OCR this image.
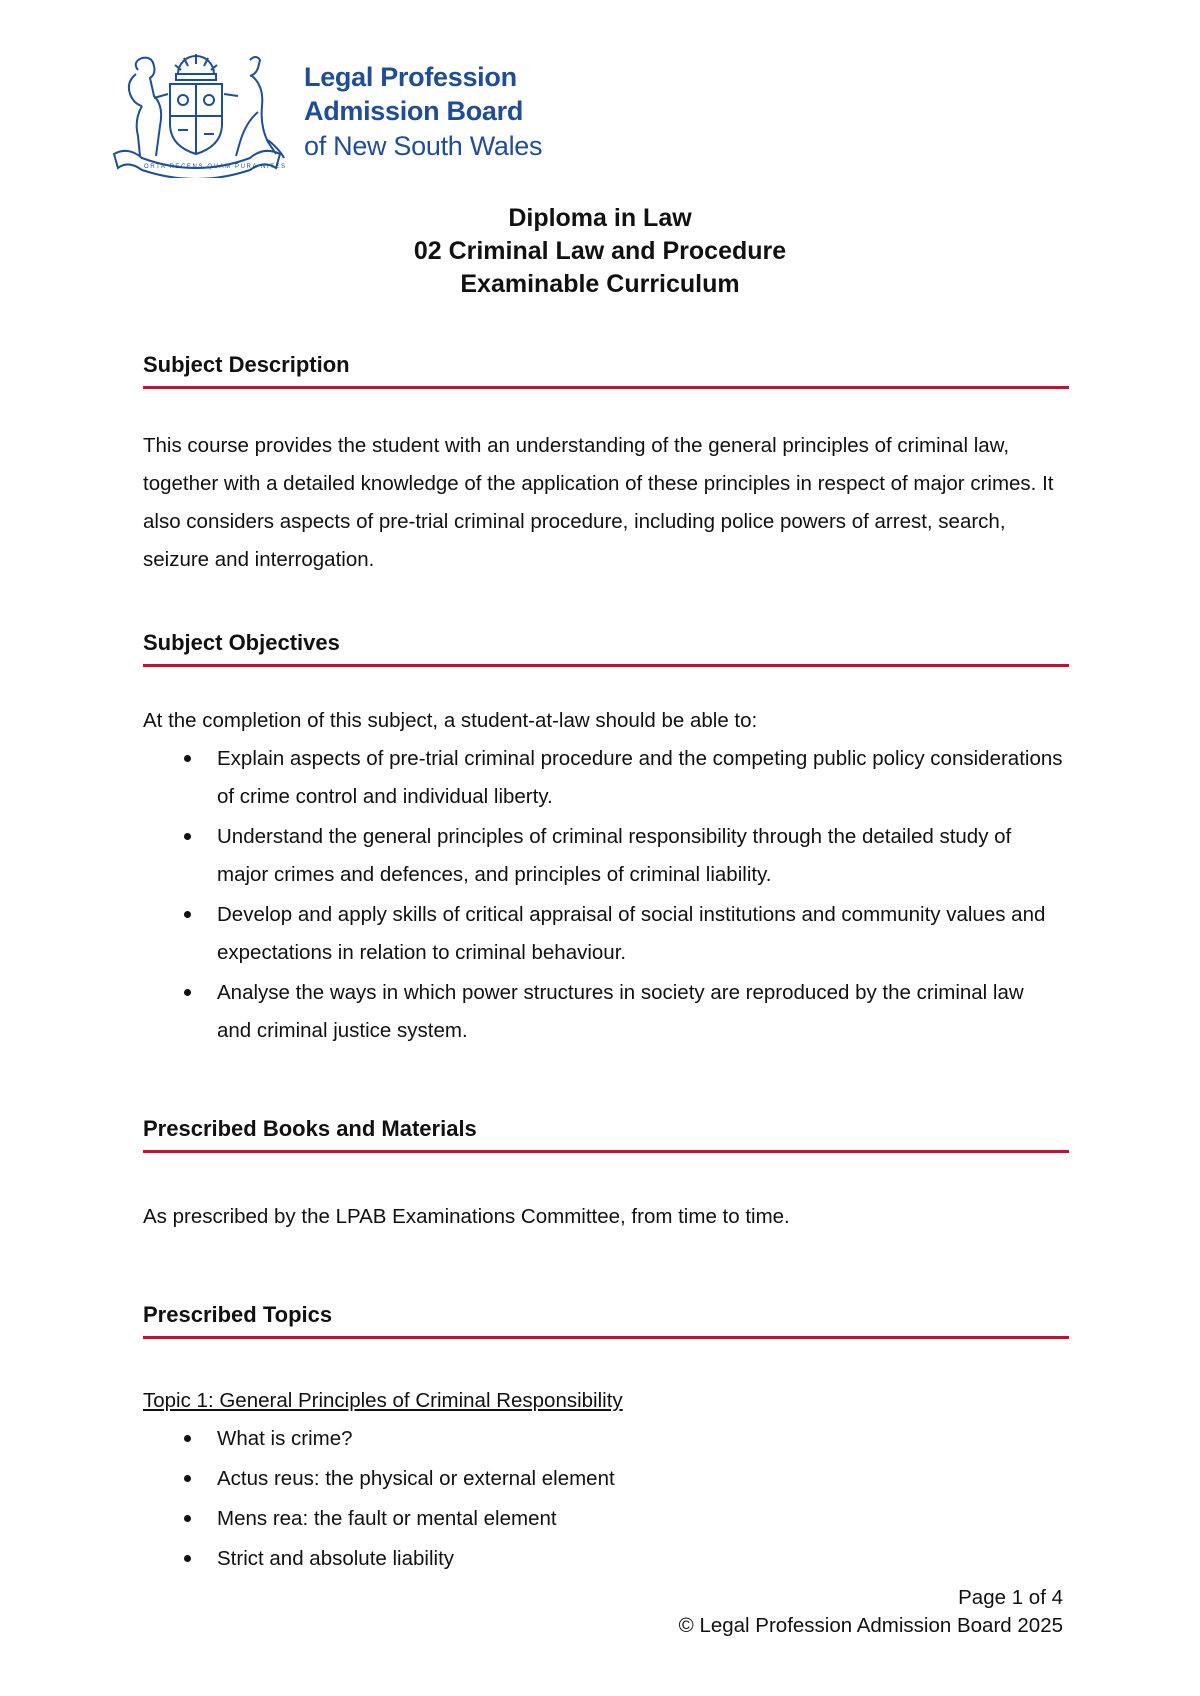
ORTA RECENS QUAM PURA NITES
Legal Profession
Admission Board
of New South Wales
Diploma in Law
02 Criminal Law and Procedure
Examinable Curriculum
Subject Description
This course provides the student with an understanding of the general principles of criminal law, together with a detailed knowledge of the application of these principles in respect of major crimes. It also considers aspects of pre-trial criminal procedure, including police powers of arrest, search, seizure and interrogation.
Subject Objectives
At the completion of this subject, a student-at-law should be able to:
Explain aspects of pre-trial criminal procedure and the competing public policy considerations of crime control and individual liberty.
Understand the general principles of criminal responsibility through the detailed study of major crimes and defences, and principles of criminal liability.
Develop and apply skills of critical appraisal of social institutions and community values and expectations in relation to criminal behaviour.
Analyse the ways in which power structures in society are reproduced by the criminal law and criminal justice system.
Prescribed Books and Materials
As prescribed by the LPAB Examinations Committee, from time to time.
Prescribed Topics
Topic 1: General Principles of Criminal Responsibility
What is crime?
Actus reus: the physical or external element
Mens rea: the fault or mental element
Strict and absolute liability
Page 1 of 4
© Legal Profession Admission Board 2025
